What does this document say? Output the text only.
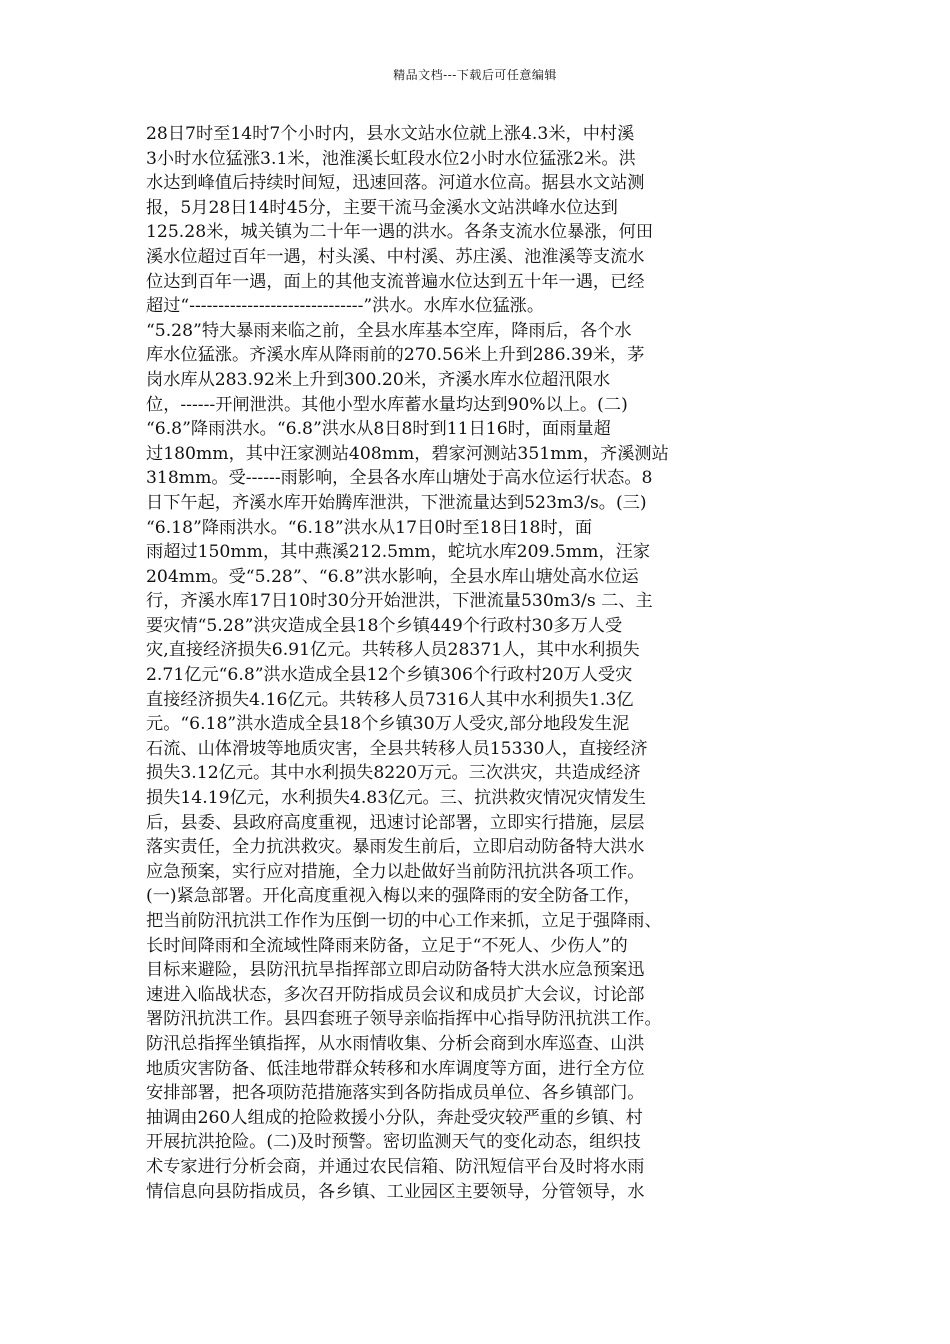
精品文档---下载后可任意编辑
28日7时至14时7个小时内，县水文站水位就上涨4.3米，中村溪
3小时水位猛涨3.1米，池淮溪长虹段水位2小时水位猛涨2米。洪
水达到峰值后持续时间短，迅速回落。河道水位高。据县水文站测
报，5月28日14时45分，主要干流马金溪水文站洪峰水位达到
125.28米，城关镇为二十年一遇的洪水。各条支流水位暴涨，何田
溪水位超过百年一遇，村头溪、中村溪、苏庄溪、池淮溪等支流水
位达到百年一遇，面上的其他支流普遍水位达到五十年一遇，已经
超过“------------------------------”洪水。水库水位猛涨。
“5.28”特大暴雨来临之前，全县水库基本空库，降雨后，各个水
库水位猛涨。齐溪水库从降雨前的270.56米上升到286.39米，茅
岗水库从283.92米上升到300.20米，齐溪水库水位超汛限水
位，------开闸泄洪。其他小型水库蓄水量均达到90%以上。(二)
“6.8”降雨洪水。“6.8”洪水从8日8时到11日16时，面雨量超
过180mm，其中汪家测站408mm，碧家河测站351mm，齐溪测站
318mm。受------雨影响，全县各水库山塘处于高水位运行状态。8
日下午起，齐溪水库开始腾库泄洪，下泄流量达到523m3/s。(三)
“6.18”降雨洪水。“6.18”洪水从17日0时至18日18时，面
雨超过150mm，其中燕溪212.5mm，蛇坑水库209.5mm，汪家
204mm。受“5.28”、“6.8”洪水影响，全县水库山塘处高水位运
行，齐溪水库17日10时30分开始泄洪，下泄流量530m3/s 二、主
要灾情“5.28”洪灾造成全县18个乡镇449个行政村30多万人受
灾,直接经济损失6.91亿元。共转移人员28371人，其中水利损失
2.71亿元“6.8”洪水造成全县12个乡镇306个行政村20万人受灾
直接经济损失4.16亿元。共转移人员7316人其中水利损失1.3亿
元。“6.18”洪水造成全县18个乡镇30万人受灾,部分地段发生泥
石流、山体滑坡等地质灾害，全县共转移人员15330人，直接经济
损失3.12亿元。其中水利损失8220万元。三次洪灾，共造成经济
损失14.19亿元，水利损失4.83亿元。三、抗洪救灾情况灾情发生
后，县委、县政府高度重视，迅速讨论部署，立即实行措施，层层
落实责任，全力抗洪救灾。暴雨发生前后，立即启动防备特大洪水
应急预案，实行应对措施，全力以赴做好当前防汛抗洪各项工作。
(一)紧急部署。开化高度重视入梅以来的强降雨的安全防备工作，
把当前防汛抗洪工作作为压倒一切的中心工作来抓，立足于强降雨、
长时间降雨和全流域性降雨来防备，立足于“不死人、少伤人”的
目标来避险，县防汛抗旱指挥部立即启动防备特大洪水应急预案迅
速进入临战状态，多次召开防指成员会议和成员扩大会议，讨论部
署防汛抗洪工作。县四套班子领导亲临指挥中心指导防汛抗洪工作。
防汛总指挥坐镇指挥，从水雨情收集、分析会商到水库巡查、山洪
地质灾害防备、低洼地带群众转移和水库调度等方面，进行全方位
安排部署，把各项防范措施落实到各防指成员单位、各乡镇部门。
抽调由260人组成的抢险救援小分队，奔赴受灾较严重的乡镇、村
开展抗洪抢险。(二)及时预警。密切监测天气的变化动态，组织技
术专家进行分析会商，并通过农民信箱、防汛短信平台及时将水雨
情信息向县防指成员，各乡镇、工业园区主要领导，分管领导，水
